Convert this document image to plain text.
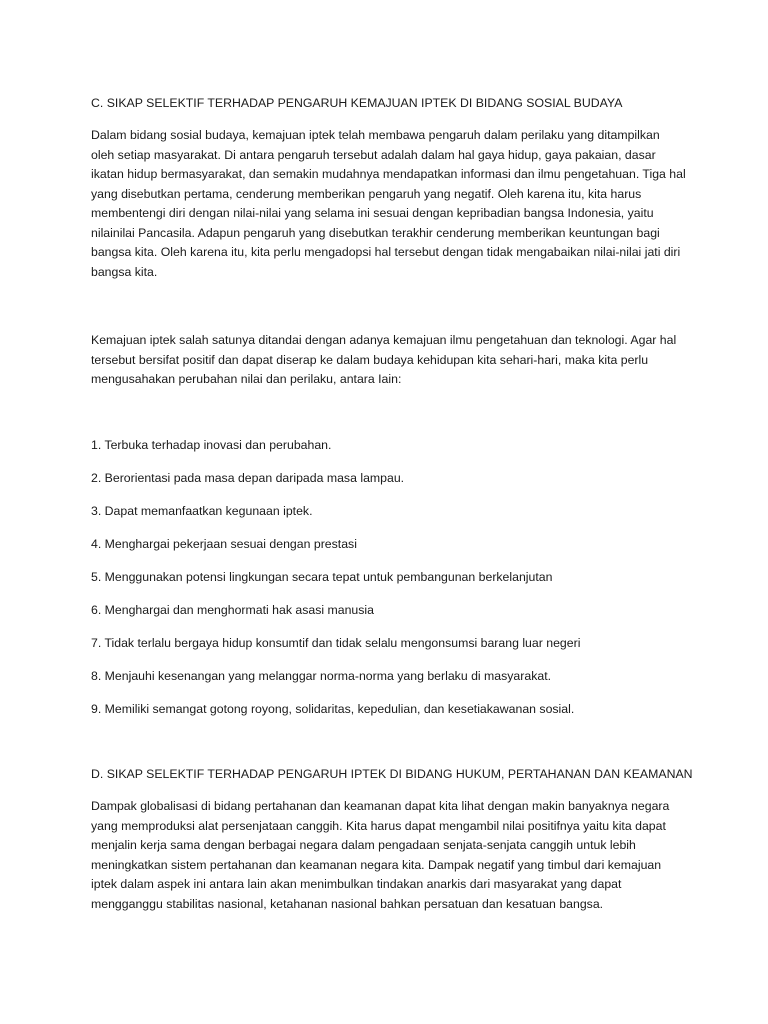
C. SIKAP SELEKTIF TERHADAP PENGARUH KEMAJUAN IPTEK DI BIDANG SOSIAL BUDAYA

Dalam bidang sosial budaya, kemajuan iptek telah membawa pengaruh dalam perilaku yang ditampilkan oleh setiap masyarakat. Di antara pengaruh tersebut adalah dalam hal gaya hidup, gaya pakaian, dasar ikatan hidup bermasyarakat, dan semakin mudahnya mendapatkan informasi dan ilmu pengetahuan. Tiga hal yang disebutkan pertama, cenderung memberikan pengaruh yang negatif. Oleh karena itu, kita harus membentengi diri dengan nilai-nilai yang selama ini sesuai dengan kepribadian bangsa Indonesia, yaitu nilainilai Pancasila. Adapun pengaruh yang disebutkan terakhir cenderung memberikan keuntungan bagi bangsa kita. Oleh karena itu, kita perlu mengadopsi hal tersebut dengan tidak mengabaikan nilai-nilai jati diri bangsa kita.

Kemajuan iptek salah satunya ditandai dengan adanya kemajuan ilmu pengetahuan dan teknologi. Agar hal tersebut bersifat positif dan dapat diserap ke dalam budaya kehidupan kita sehari-hari, maka kita perlu mengusahakan perubahan nilai dan perilaku, antara Iain:

1. Terbuka terhadap inovasi dan perubahan.
2. Berorientasi pada masa depan daripada masa lampau.
3. Dapat memanfaatkan kegunaan iptek.
4. Menghargai pekerjaan sesuai dengan prestasi
5. Menggunakan potensi lingkungan secara tepat untuk pembangunan berkelanjutan
6. Menghargai dan menghormati hak asasi manusia
7. Tidak terlalu bergaya hidup konsumtif dan tidak selalu mengonsumsi barang luar negeri
8. Menjauhi kesenangan yang melanggar norma-norma yang berlaku di masyarakat.
9. Memiliki semangat gotong royong, solidaritas, kepedulian, dan kesetiakawanan sosial.
D. SIKAP SELEKTIF TERHADAP PENGARUH IPTEK DI BIDANG HUKUM, PERTAHANAN DAN KEAMANAN

Dampak globalisasi di bidang pertahanan dan keamanan dapat kita lihat dengan makin banyaknya negara yang memproduksi alat persenjataan canggih. Kita harus dapat mengambil nilai positifnya yaitu kita dapat menjalin kerja sama dengan berbagai negara dalam pengadaan senjata-senjata canggih untuk lebih meningkatkan sistem pertahanan dan keamanan negara kita. Dampak negatif yang timbul dari kemajuan iptek dalam aspek ini antara lain akan menimbulkan tindakan anarkis dari masyarakat yang dapat mengganggu stabilitas nasional, ketahanan nasional bahkan persatuan dan kesatuan bangsa.
